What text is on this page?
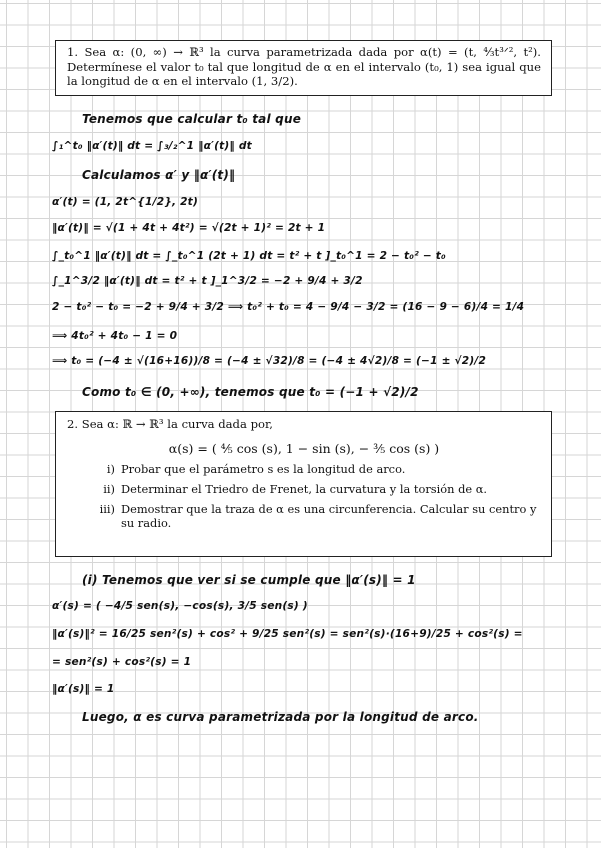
1. Sea α: (0, ∞) → ℝ³ la curva parametrizada dada por α(t) = (t, ⁴⁄₃t³ᐟ², t²). Determínese el valor t₀ tal que longitud de α en el intervalo (t₀, 1) sea igual que la longitud de α en el intervalo (1, 3/2).
Tenemos que calcular t₀ tal que
∫₁^t₀ ‖α′(t)‖ dt = ∫₃/₂^1 ‖α′(t)‖ dt
Calculamos α′ y ‖α′(t)‖
α′(t) = (1, 2t^{1/2}, 2t)
‖α′(t)‖ = √(1 + 4t + 4t²) = √(2t + 1)² = 2t + 1
∫_t₀^1 ‖α′(t)‖ dt = ∫_t₀^1 (2t + 1) dt = t² + t ]_t₀^1 = 2 − t₀² − t₀
∫_1^3/2 ‖α′(t)‖ dt = t² + t ]_1^3/2 = −2 + 9/4 + 3/2
2 − t₀² − t₀ = −2 + 9/4 + 3/2 ⟹ t₀² + t₀ = 4 − 9/4 − 3/2 = (16 − 9 − 6)/4 = 1/4
⟹ 4t₀² + 4t₀ − 1 = 0
⟹ t₀ = (−4 ± √(16+16))/8 = (−4 ± √32)/8 = (−4 ± 4√2)/8 = (−1 ± √2)/2
Como t₀ ∈ (0, +∞), tenemos que t₀ = (−1 + √2)/2
2. Sea α: ℝ → ℝ³ la curva dada por,
α(s) = ( ⁴⁄₅ cos (s), 1 − sin (s), − ³⁄₅ cos (s) )
i) Probar que el parámetro s es la longitud de arco.
ii) Determinar el Triedro de Frenet, la curvatura y la torsión de α.
iii) Demostrar que la traza de α es una circunferencia. Calcular su centro y su radio.
(i) Tenemos que ver si se cumple que ‖α′(s)‖ = 1
α′(s) = ( −4/5 sen(s), −cos(s), 3/5 sen(s) )
‖α′(s)‖² = 16/25 sen²(s) + cos² + 9/25 sen²(s) = sen²(s)·(16+9)/25 + cos²(s) =
= sen²(s) + cos²(s) = 1
‖α′(s)‖ = 1
Luego, α es curva parametrizada por la longitud de arco.
